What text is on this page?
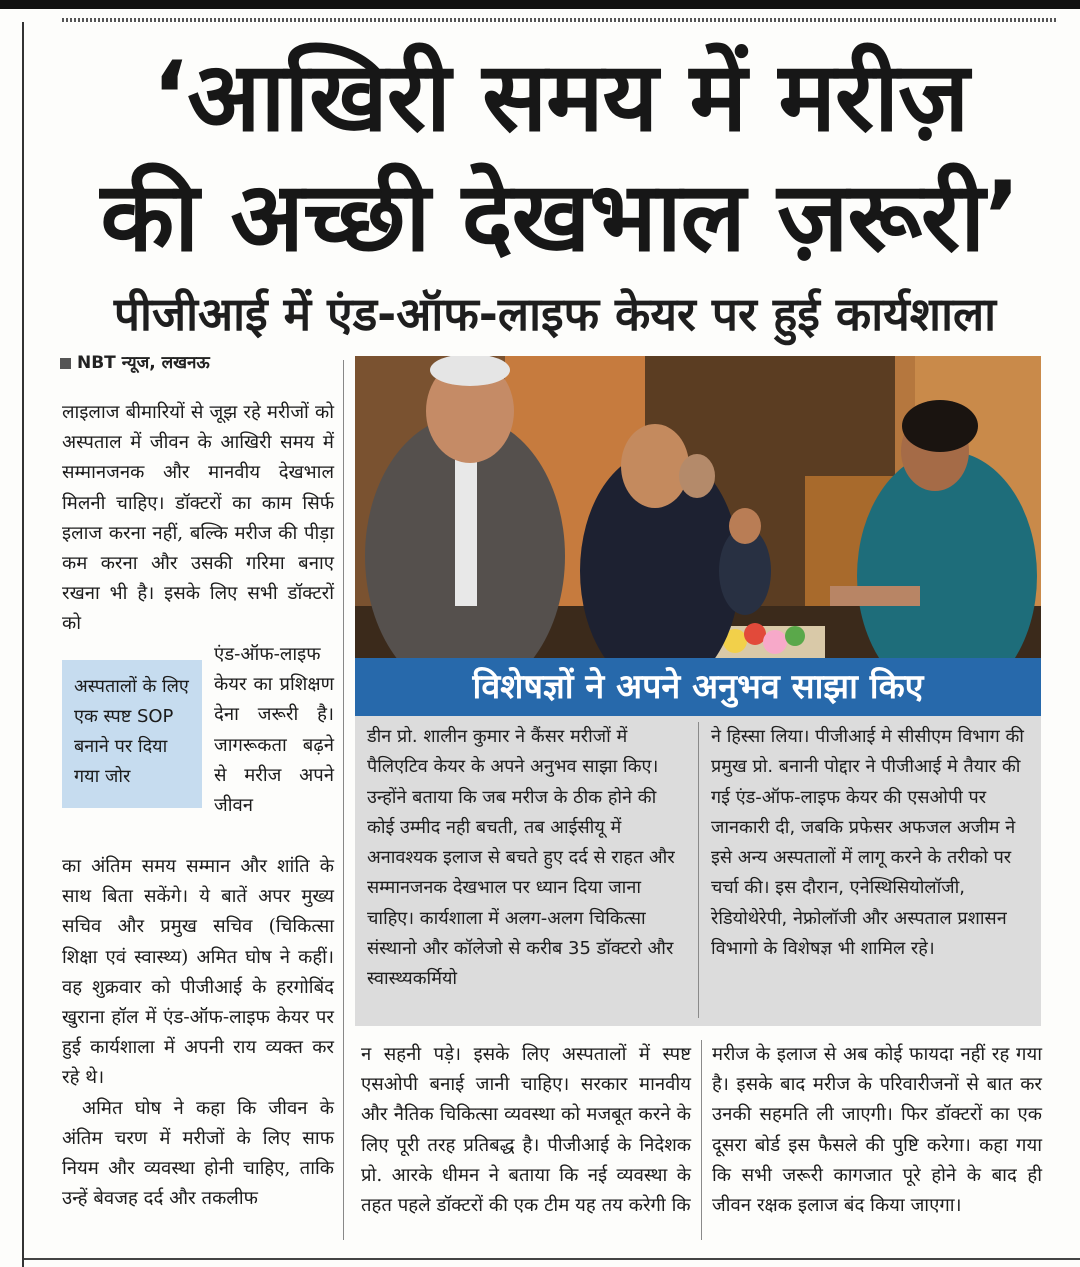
‘आखिरी समय में मरीज़
की अच्छी देखभाल ज़रूरी’
पीजीआई में एंड-ऑफ-लाइफ केयर पर हुई कार्यशाला
NBT न्यूज, लखनऊ

लाइलाज बीमारियों से जूझ रहे मरीजों को अस्पताल में जीवन के आखिरी समय में सम्मानजनक और मानवीय देखभाल मिलनी चाहिए। डॉक्टरों का काम सिर्फ इलाज करना नहीं, बल्कि मरीज की पीड़ा कम करना और उसकी गरिमा बनाए रखना भी है। इसके लिए सभी डॉक्टरों को

अस्पतालों के लिए एक स्पष्ट SOP बनाने पर दिया गया जोर

एंड-ऑफ-लाइफ केयर का प्रशिक्षण देना जरूरी है। जागरूकता बढ़ने से मरीज अपने जीवन

का अंतिम समय सम्मान और शांति के साथ बिता सकेंगे। ये बातें अपर मुख्य सचिव और प्रमुख सचिव (चिकित्सा शिक्षा एवं स्वास्थ्य) अमित घोष ने कहीं। वह शुक्रवार को पीजीआई के हरगोबिंद खुराना हॉल में एंड-ऑफ-लाइफ केयर पर हुई कार्यशाला में अपनी राय व्यक्त कर रहे थे।

अमित घोष ने कहा कि जीवन के अंतिम चरण में मरीजों के लिए साफ नियम और व्यवस्था होनी चाहिए, ताकि उन्हें बेवजह दर्द और तकलीफ

विशेषज्ञों ने अपने अनुभव साझा किए
डीन प्रो. शालीन कुमार ने कैंसर मरीजों में पैलिएटिव केयर के अपने अनुभव साझा किए। उन्होंने बताया कि जब मरीज के ठीक होने की कोई उम्मीद नही बचती, तब आईसीयू में अनावश्यक इलाज से बचते हुए दर्द से राहत और सम्मानजनक देखभाल पर ध्यान दिया जाना चाहिए। कार्यशाला में अलग-अलग चिकित्सा संस्थानो और कॉलेजो से करीब 35 डॉक्टरो और स्वास्थ्यकर्मियो
ने हिस्सा लिया। पीजीआई मे सीसीएम विभाग की प्रमुख प्रो. बनानी पोद्दार ने पीजीआई मे तैयार की गई एंड-ऑफ-लाइफ केयर की एसओपी पर जानकारी दी, जबकि प्रफेसर अफजल अजीम ने इसे अन्य अस्पतालों में लागू करने के तरीको पर चर्चा की। इस दौरान, एनेस्थिसियोलॉजी, रेडियोथेरेपी, नेफ्रोलॉजी और अस्पताल प्रशासन विभागो के विशेषज्ञ भी शामिल रहे।

न सहनी पड़े। इसके लिए अस्पतालों में स्पष्ट एसओपी बनाई जानी चाहिए। सरकार मानवीय और नैतिक चिकित्सा व्यवस्था को मजबूत करने के लिए पूरी तरह प्रतिबद्ध है। पीजीआई के निदेशक प्रो. आरके धीमन ने बताया कि नई व्यवस्था के तहत पहले डॉक्टरों की एक टीम यह तय करेगी कि

मरीज के इलाज से अब कोई फायदा नहीं रह गया है। इसके बाद मरीज के परिवारीजनों से बात कर उनकी सहमति ली जाएगी। फिर डॉक्टरों का एक दूसरा बोर्ड इस फैसले की पुष्टि करेगा। कहा गया कि सभी जरूरी कागजात पूरे होने के बाद ही जीवन रक्षक इलाज बंद किया जाएगा।
